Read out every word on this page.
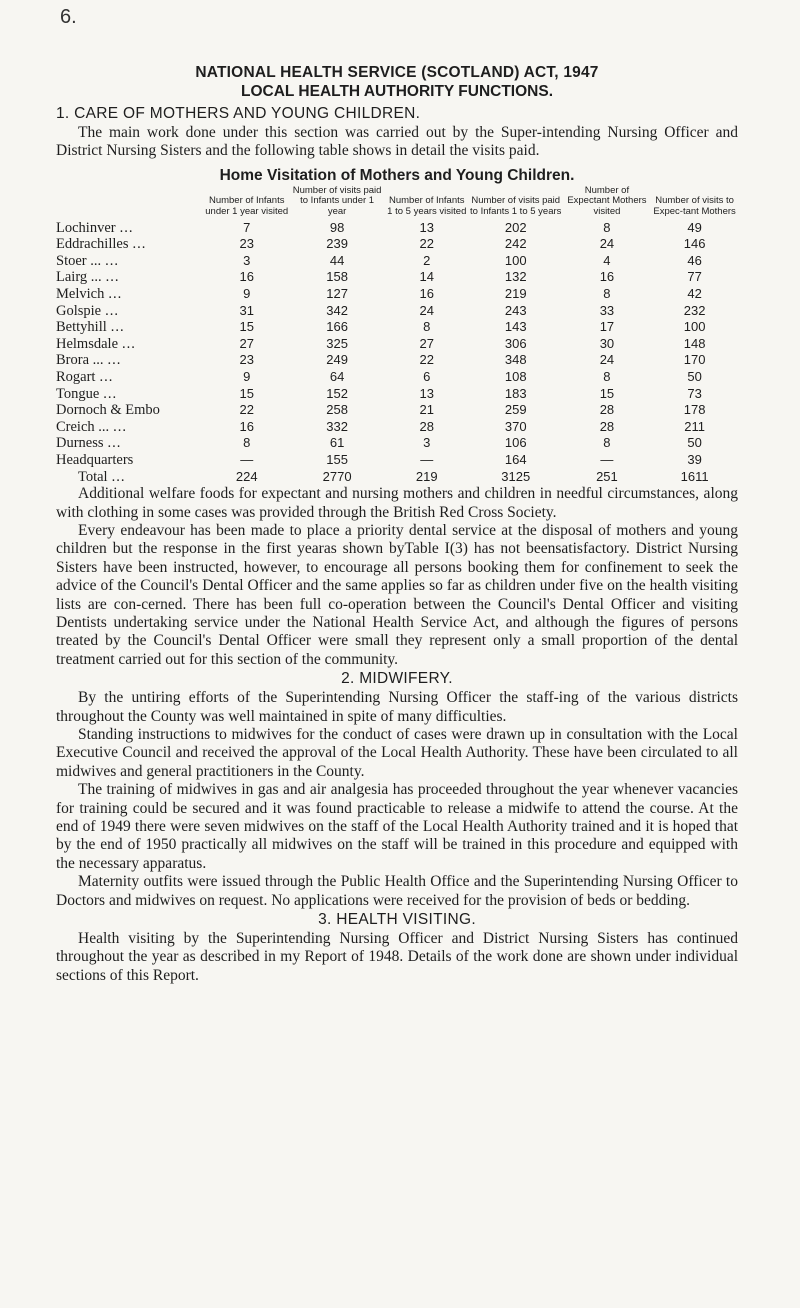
6.
NATIONAL HEALTH SERVICE (SCOTLAND) ACT, 1947
LOCAL HEALTH AUTHORITY FUNCTIONS.
1. CARE OF MOTHERS AND YOUNG CHILDREN.

The main work done under this section was carried out by the Super-intending Nursing Officer and District Nursing Sisters and the following table shows in detail the visits paid.

Home Visitation of Mothers and Young Children.
	Number of Infants under 1 year visited	Number of visits paid to Infants under 1 year	Number of Infants 1 to 5 years visited	Number of visits paid to Infants 1 to 5 years	Number of Expectant Mothers visited	Number of visits to Expec-tant Mothers
Lochinver ...	7	98	13	202	8	49
Eddrachilles ...	23	239	22	242	24	146
Stoer ... ...	3	44	2	100	4	46
Lairg ... ...	16	158	14	132	16	77
Melvich ...	9	127	16	219	8	42
Golspie ...	31	342	24	243	33	232
Bettyhill ...	15	166	8	143	17	100
Helmsdale ...	27	325	27	306	30	148
Brora ... ...	23	249	22	348	24	170
Rogart ...	9	64	6	108	8	50
Tongue ...	15	152	13	183	15	73
Dornoch & Embo	22	258	21	259	28	178
Creich ... ...	16	332	28	370	28	211
Durness ...	8	61	3	106	8	50
Headquarters	—	155	—	164	—	39
Total ...	224	2770	219	3125	251	1611

Additional welfare foods for expectant and nursing mothers and children in needful circumstances, along with clothing in some cases was provided through the British Red Cross Society.

Every endeavour has been made to place a priority dental service at the disposal of mothers and young children but the response in the first yearas shown byTable I(3) has not beensatisfactory. District Nursing Sisters have been instructed, however, to encourage all persons booking them for confinement to seek the advice of the Council's Dental Officer and the same applies so far as children under five on the health visiting lists are con-cerned. There has been full co-operation between the Council's Dental Officer and visiting Dentists undertaking service under the National Health Service Act, and although the figures of persons treated by the Council's Dental Officer were small they represent only a small proportion of the dental treatment carried out for this section of the community.

2. MIDWIFERY.

By the untiring efforts of the Superintending Nursing Officer the staff-ing of the various districts throughout the County was well maintained in spite of many difficulties.

Standing instructions to midwives for the conduct of cases were drawn up in consultation with the Local Executive Council and received the approval of the Local Health Authority. These have been circulated to all midwives and general practitioners in the County.

The training of midwives in gas and air analgesia has proceeded throughout the year whenever vacancies for training could be secured and it was found practicable to release a midwife to attend the course. At the end of 1949 there were seven midwives on the staff of the Local Health Authority trained and it is hoped that by the end of 1950 practically all midwives on the staff will be trained in this procedure and equipped with the necessary apparatus.

Maternity outfits were issued through the Public Health Office and the Superintending Nursing Officer to Doctors and midwives on request. No applications were received for the provision of beds or bedding.

3. HEALTH VISITING.

Health visiting by the Superintending Nursing Officer and District Nursing Sisters has continued throughout the year as described in my Report of 1948. Details of the work done are shown under individual sections of this Report.
